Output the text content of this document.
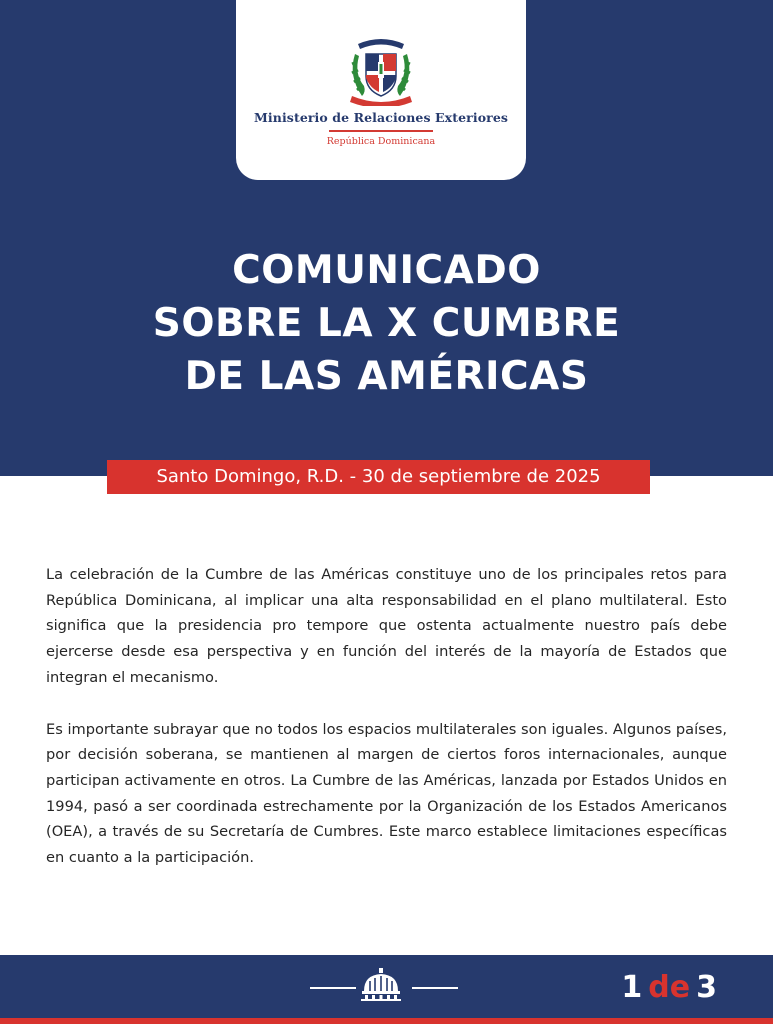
Ministerio de Relaciones Exteriores
República Dominicana
COMUNICADO
SOBRE LA X CUMBRE
DE LAS AMÉRICAS
Santo Domingo, R.D. - 30 de septiembre de 2025

La celebración de la Cumbre de las Américas constituye uno de los principales retos para República Dominicana, al implicar una alta responsabilidad en el plano multilateral. Esto significa que la presidencia pro tempore que ostenta actualmente nuestro país debe ejercerse desde esa perspectiva y en función del interés de la mayoría de Estados que integran el mecanismo.

Es importante subrayar que no todos los espacios multilaterales son iguales. Algunos países, por decisión soberana, se mantienen al margen de ciertos foros internacionales, aunque participan activamente en otros. La Cumbre de las Américas, lanzada por Estados Unidos en 1994, pasó a ser coordinada estrechamente por la Organización de los Estados Americanos (OEA), a través de su Secretaría de Cumbres. Este marco establece limitaciones específicas en cuanto a la participación.

1 de 3
